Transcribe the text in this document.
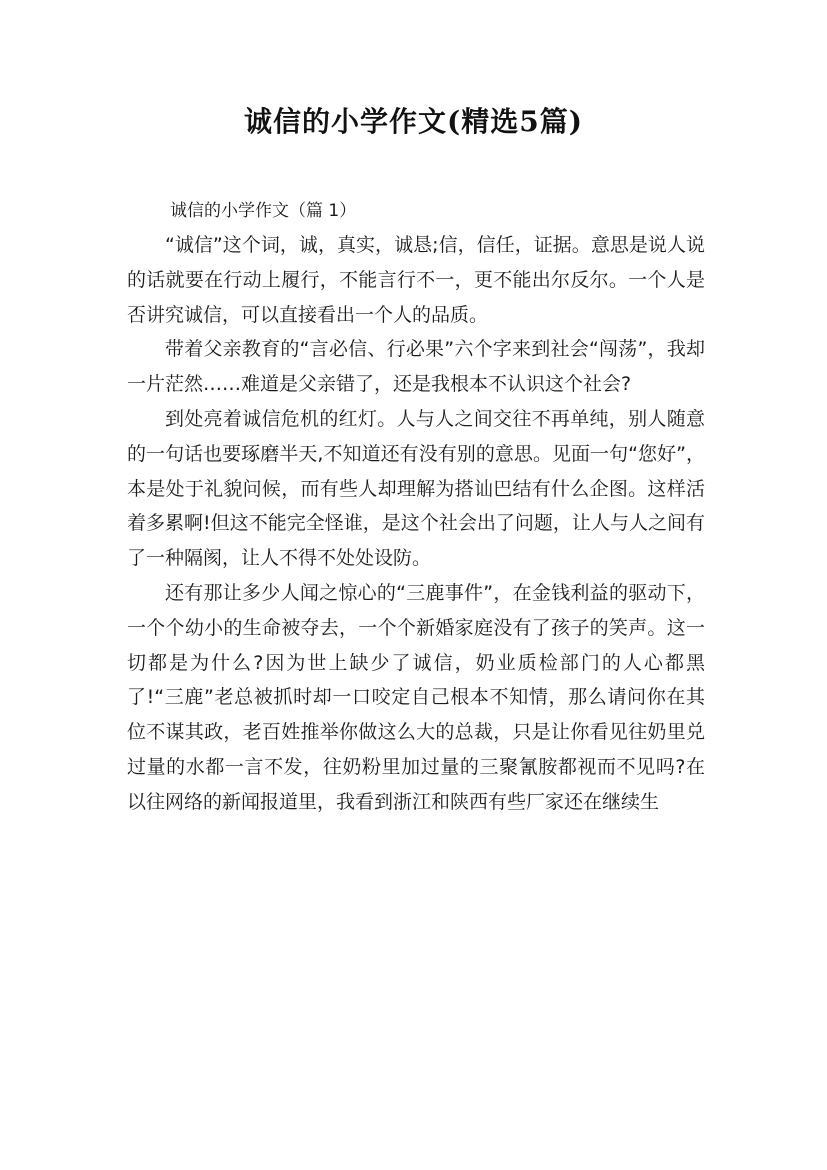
诚信的小学作文(精选5篇)
诚信的小学作文（篇 1）

“诚信”这个词，诚，真实，诚恳;信，信任，证据。意思是说人说的话就要在行动上履行，不能言行不一，更不能出尔反尔。一个人是否讲究诚信，可以直接看出一个人的品质。

带着父亲教育的“言必信、行必果”六个字来到社会“闯荡”，我却一片茫然……难道是父亲错了，还是我根本不认识这个社会?

到处亮着诚信危机的红灯。人与人之间交往不再单纯，别人随意的一句话也要琢磨半天,不知道还有没有别的意思。见面一句“您好”，本是处于礼貌问候，而有些人却理解为搭讪巴结有什么企图。这样活着多累啊!但这不能完全怪谁，是这个社会出了问题，让人与人之间有了一种隔阂，让人不得不处处设防。

还有那让多少人闻之惊心的“三鹿事件”，在金钱利益的驱动下，一个个幼小的生命被夺去，一个个新婚家庭没有了孩子的笑声。这一切都是为什么?因为世上缺少了诚信，奶业质检部门的人心都黑了!“三鹿”老总被抓时却一口咬定自己根本不知情，那么请问你在其位不谋其政，老百姓推举你做这么大的总裁，只是让你看见往奶里兑过量的水都一言不发，往奶粉里加过量的三聚氰胺都视而不见吗?在以往网络的新闻报道里，我看到浙江和陕西有些厂家还在继续生
